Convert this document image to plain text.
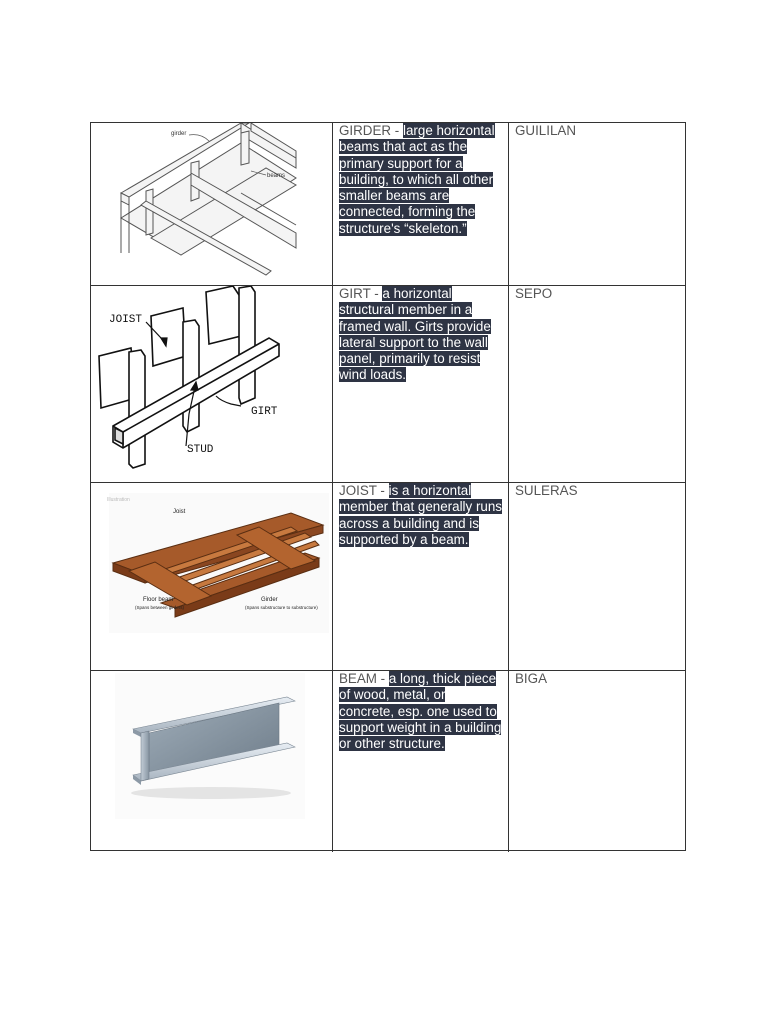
girder
beams

GIRDER - large horizontal beams that act as the primary support for a building, to which all other smaller beams are connected, forming the structure's “skeleton.”

GUILILAN

JOIST
GIRT
STUD

GIRT - a horizontal structural member in a framed wall. Girts provide lateral support to the wall panel, primarily to resist wind loads.

SEPO

Illustration
Joist
Floor beam
(Spans between girders)
Girder
(Spans substructure to substructure)

JOIST - is a horizontal member that generally runs across a building and is supported by a beam.

SULERAS

BEAM - a long, thick piece of wood, metal, or concrete, esp. one used to support weight in a building or other structure.

BIGA
